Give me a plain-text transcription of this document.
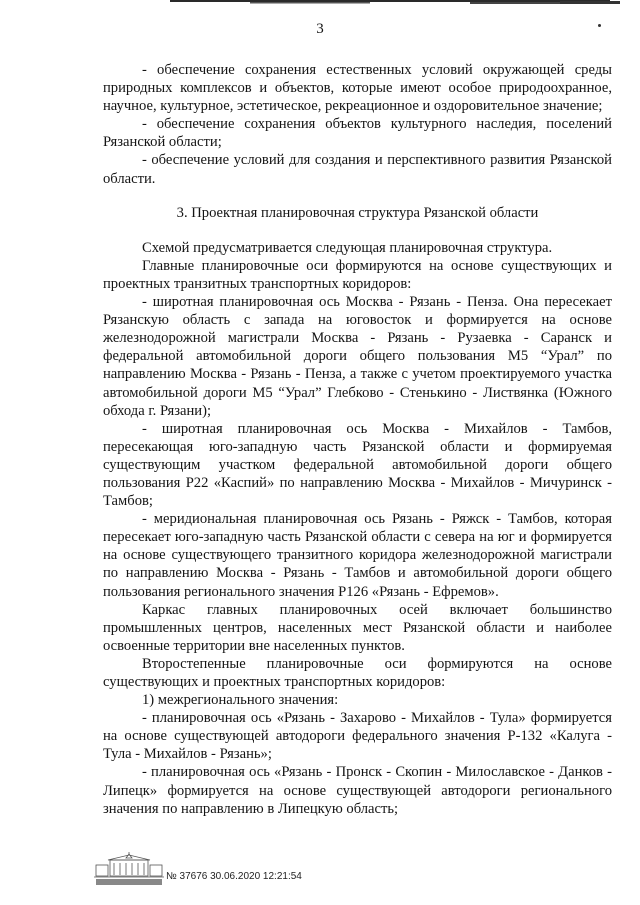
3

- обеспечение сохранения естественных условий окружающей среды природных комплексов и объектов, которые имеют особое природоохранное, научное, культурное, эстетическое, рекреационное и оздоровительное значение;

- обеспечение сохранения объектов культурного наследия, поселений Рязанской области;

- обеспечение условий для создания и перспективного развития Рязанской области.

3. Проектная планировочная структура Рязанской области

Схемой предусматривается следующая планировочная структура.

Главные планировочные оси формируются на основе существующих и проектных транзитных транспортных коридоров:

- широтная планировочная ось Москва - Рязань - Пенза. Она пересекает Рязанскую область с запада на юговосток и формируется на основе железнодорожной магистрали Москва - Рязань - Рузаевка - Саранск и федеральной автомобильной дороги общего пользования М5 “Урал” по направлению Москва - Рязань - Пенза, а также с учетом проектируемого участка автомобильной дороги М5 “Урал” Глебково - Стенькино - Листвянка (Южного обхода г. Рязани);

- широтная планировочная ось Москва - Михайлов - Тамбов, пересекающая юго-западную часть Рязанской области и формируемая существующим участком федеральной автомобильной дороги общего пользования Р22 «Каспий» по направлению Москва - Михайлов - Мичуринск - Тамбов;

- меридиональная планировочная ось Рязань - Ряжск - Тамбов, которая пересекает юго-западную часть Рязанской области с севера на юг и формируется на основе существующего транзитного коридора железнодорожной магистрали по направлению Москва - Рязань - Тамбов и автомобильной дороги общего пользования регионального значения Р126 «Рязань - Ефремов».

Каркас главных планировочных осей включает большинство промышленных центров, населенных мест Рязанской области и наиболее освоенные территории вне населенных пунктов.

Второстепенные планировочные оси формируются на основе существующих и проектных транспортных коридоров:

1) межрегионального значения:

- планировочная ось «Рязань - Захарово - Михайлов - Тула» формируется на основе существующей автодороги федерального значения Р-132 «Калуга - Тула - Михайлов - Рязань»;

- планировочная ось «Рязань - Пронск - Скопин - Милославское - Данков - Липецк» формируется на основе существующей автодороги регионального значения по направлению в Липецкую область;

№ 37676 30.06.2020 12:21:54
